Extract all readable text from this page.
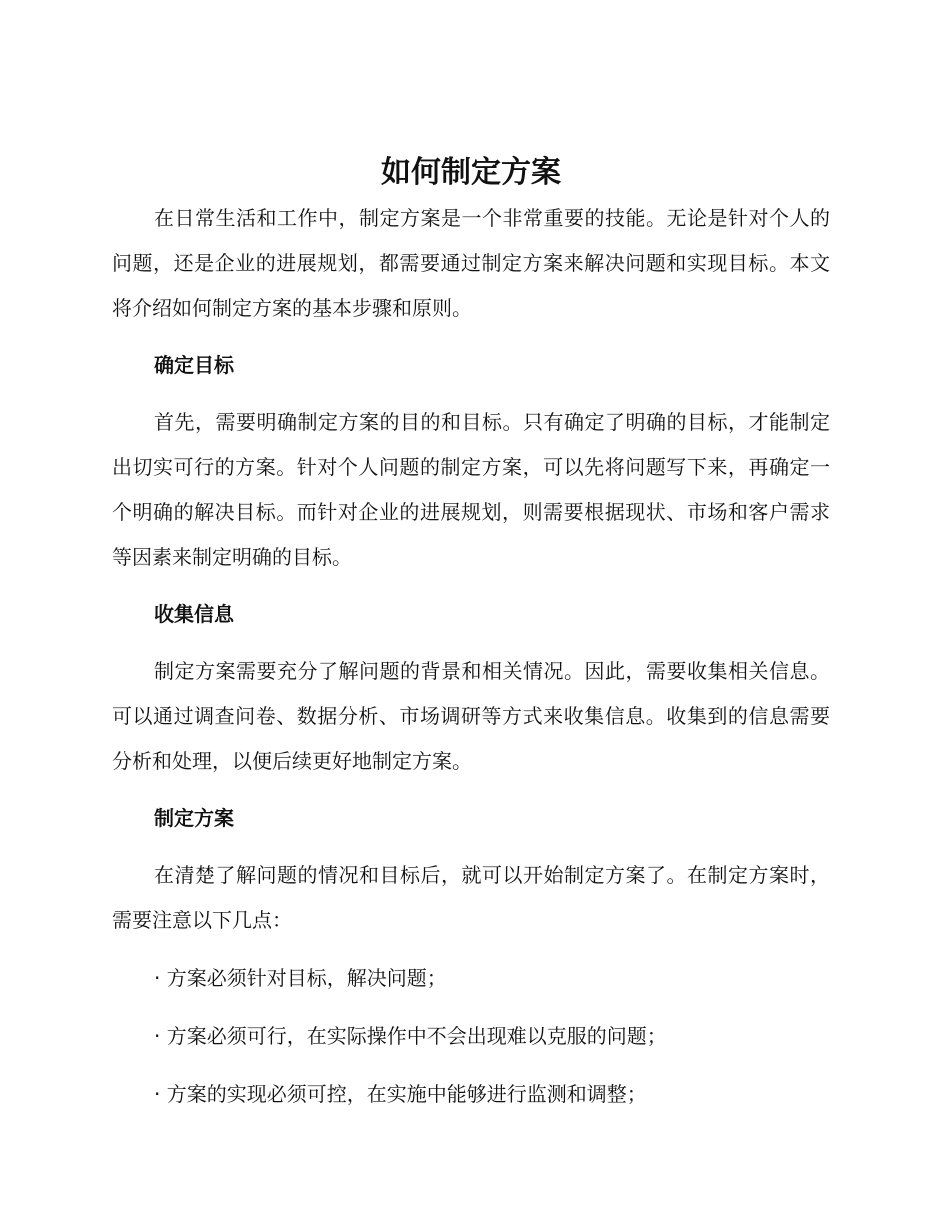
如何制定方案

在日常生活和工作中，制定方案是一个非常重要的技能。无论是针对个人的问题，还是企业的进展规划，都需要通过制定方案来解决问题和实现目标。本文将介绍如何制定方案的基本步骤和原则。

确定目标

首先，需要明确制定方案的目的和目标。只有确定了明确的目标，才能制定出切实可行的方案。针对个人问题的制定方案，可以先将问题写下来，再确定一个明确的解决目标。而针对企业的进展规划，则需要根据现状、市场和客户需求等因素来制定明确的目标。

收集信息

制定方案需要充分了解问题的背景和相关情况。因此，需要收集相关信息。可以通过调查问卷、数据分析、市场调研等方式来收集信息。收集到的信息需要分析和处理，以便后续更好地制定方案。

制定方案

在清楚了解问题的情况和目标后，就可以开始制定方案了。在制定方案时，需要注意以下几点：

· 方案必须针对目标，解决问题；

· 方案必须可行，在实际操作中不会出现难以克服的问题；

· 方案的实现必须可控，在实施中能够进行监测和调整；
